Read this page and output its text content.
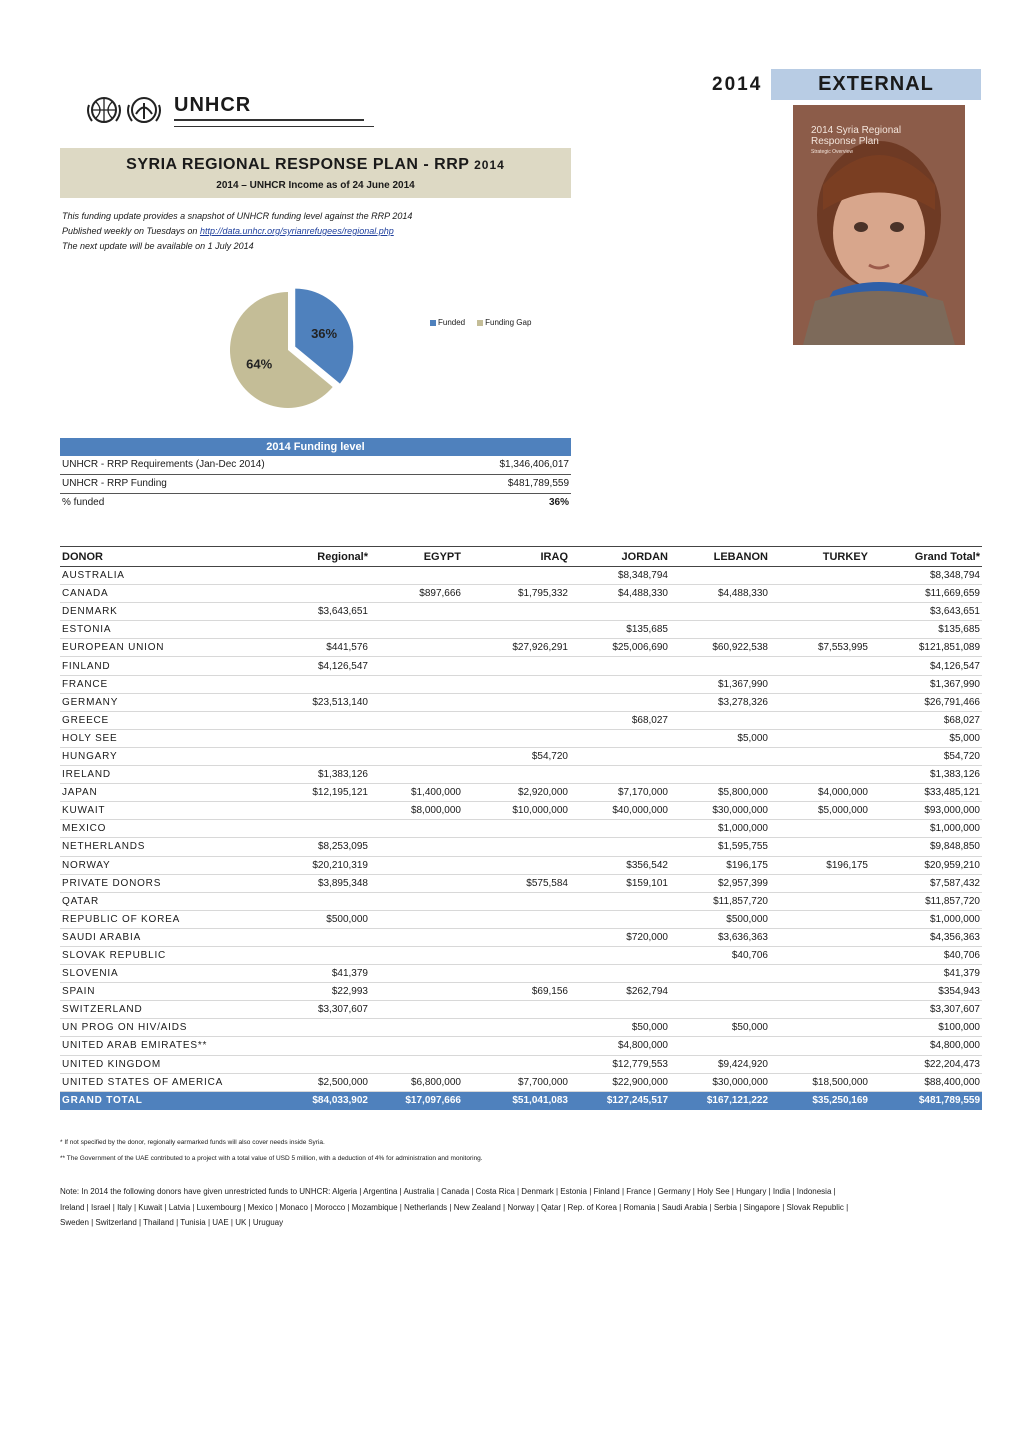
2014	EXTERNAL
2014 Syria Regional
Response Plan
Strategic Overview
UNHCR
SYRIA REGIONAL RESPONSE PLAN - RRP 2014
2014 – UNHCR Income as of 24 June 2014
This funding update provides a snapshot of UNHCR funding level against the RRP 2014
Published weekly on Tuesdays on http://data.unhcr.org/syrianrefugees/regional.php
The next update will be available on 1 July 2014
36%
64%
Funded	Funding Gap
2014 Funding level
UNHCR - RRP Requirements (Jan-Dec 2014)	$1,346,406,017
UNHCR - RRP Funding	$481,789,559
% funded	36%
DONOR	Regional*	EGYPT	IRAQ	JORDAN	LEBANON	TURKEY	Grand Total*
AUSTRALIA				$8,348,794			$8,348,794
CANADA		$897,666	$1,795,332	$4,488,330	$4,488,330		$11,669,659
DENMARK	$3,643,651						$3,643,651
ESTONIA				$135,685			$135,685
EUROPEAN UNION	$441,576		$27,926,291	$25,006,690	$60,922,538	$7,553,995	$121,851,089
FINLAND	$4,126,547						$4,126,547
FRANCE					$1,367,990		$1,367,990
GERMANY	$23,513,140				$3,278,326		$26,791,466
GREECE				$68,027			$68,027
HOLY SEE					$5,000		$5,000
HUNGARY			$54,720				$54,720
IRELAND	$1,383,126						$1,383,126
JAPAN	$12,195,121	$1,400,000	$2,920,000	$7,170,000	$5,800,000	$4,000,000	$33,485,121
KUWAIT		$8,000,000	$10,000,000	$40,000,000	$30,000,000	$5,000,000	$93,000,000
MEXICO					$1,000,000		$1,000,000
NETHERLANDS	$8,253,095				$1,595,755		$9,848,850
NORWAY	$20,210,319			$356,542	$196,175	$196,175	$20,959,210
PRIVATE DONORS	$3,895,348		$575,584	$159,101	$2,957,399		$7,587,432
QATAR					$11,857,720		$11,857,720
REPUBLIC OF KOREA	$500,000				$500,000		$1,000,000
SAUDI ARABIA				$720,000	$3,636,363		$4,356,363
SLOVAK REPUBLIC					$40,706		$40,706
SLOVENIA	$41,379						$41,379
SPAIN	$22,993		$69,156	$262,794			$354,943
SWITZERLAND	$3,307,607						$3,307,607
UN PROG ON HIV/AIDS				$50,000	$50,000		$100,000
UNITED ARAB EMIRATES**				$4,800,000			$4,800,000
UNITED KINGDOM				$12,779,553	$9,424,920		$22,204,473
UNITED STATES OF AMERICA	$2,500,000	$6,800,000	$7,700,000	$22,900,000	$30,000,000	$18,500,000	$88,400,000
GRAND TOTAL	$84,033,902	$17,097,666	$51,041,083	$127,245,517	$167,121,222	$35,250,169	$481,789,559
* If not specified by the donor, regionally earmarked funds will also cover needs inside Syria.
** The Government of the UAE contributed to a project with a total value of USD 5 million, with a deduction of 4% for administration and monitoring.
Note: In 2014 the following donors have given unrestricted funds to UNHCR: Algeria | Argentina | Australia | Canada | Costa Rica | Denmark | Estonia | Finland | France | Germany | Holy See | Hungary | India | Indonesia | Ireland | Israel | Italy | Kuwait | Latvia | Luxembourg | Mexico | Monaco | Morocco | Mozambique | Netherlands | New Zealand | Norway | Qatar | Rep. of Korea | Romania | Saudi Arabia | Serbia | Singapore | Slovak Republic | Sweden | Switzerland | Thailand | Tunisia | UAE | UK | Uruguay
